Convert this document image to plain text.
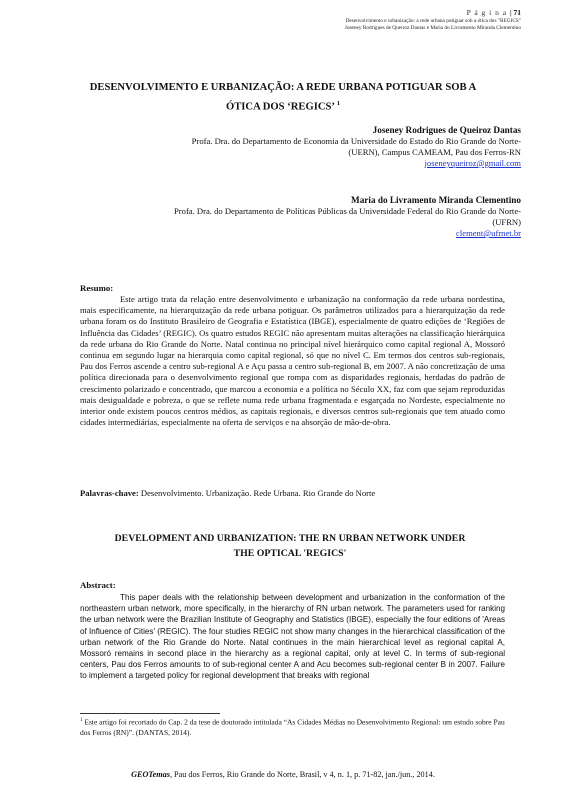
P á g i n a | 71
Desenvolvimento e urbanização: a rede urbana potiguar sob a ótica dos "REGICS"
Joseney Rodrigues de Queiroz Dantas e Maria do Livramento Miranda Clementino
DESENVOLVIMENTO E URBANIZAÇÃO: A REDE URBANA POTIGUAR SOB A
ÓTICA DOS ‘REGICS’ $^1$
Joseney Rodrigues de Queiroz Dantas
Profa. Dra. do Departamento de Economia da Universidade do Estado do Rio Grande do Norte-
(UERN), Campus CAMEAM, Pau dos Ferros-RN
joseneyqueiroz@gmail.com
Maria do Livramento Miranda Clementino
Profa. Dra. do Departamento de Políticas Públicas da Universidade Federal do Rio Grande do Norte-
(UFRN)
clement@ufrnet.br
Resumo:
Este artigo trata da relação entre desenvolvimento e urbanização na conformação da rede urbana nordestina, mais especificamente, na hierarquização da rede urbana potiguar. Os parâmetros utilizados para a hierarquização da rede urbana foram os do Instituto Brasileiro de Geografia e Estatística (IBGE), especialmente de quatro edições de ‘Regiões de Influência das Cidades’ (REGIC). Os quatro estudos REGIC não apresentam muitas alterações na classificação hierárquica da rede urbana do Rio Grande do Norte. Natal continua no principal nível hierárquico como capital regional A, Mossoró continua em segundo lugar na hierarquia como capital regional, só que no nível C. Em termos dos centros sub-regionais, Pau dos Ferros ascende a centro sub-regional A e Açu passa a centro sub-regional B, em 2007. A não concretização de uma política direcionada para o desenvolvimento regional que rompa com as disparidades regionais, herdadas do padrão de crescimento polarizado e concentrado, que marcou a economia e a política no Século XX, faz com que sejam reproduzidas mais desigualdade e pobreza, o que se reflete numa rede urbana fragmentada e esgarçada no Nordeste, especialmente no interior onde existem poucos centros médios, as capitais regionais, e diversos centros sub-regionais que tem atuado como cidades intermediárias, especialmente na oferta de serviços e na absorção de mão-de-obra.
Palavras-chave: Desenvolvimento. Urbanização. Rede Urbana. Rio Grande do Norte
DEVELOPMENT AND URBANIZATION: THE RN URBAN NETWORK UNDER
THE OPTICAL 'REGICS'
Abstract:
This paper deals with the relationship between development and urbanization in the conformation of the northeastern urban network, more specifically, in the hierarchy of RN urban network. The parameters used for ranking the urban network were the Brazilian Institute of Geography and Statistics (IBGE), especially the four editions of 'Areas of Influence of Cities' (REGIC). The four studies REGIC not show many changes in the hierarchical classification of the urban network of the Rio Grande do Norte. Natal continues in the main hierarchical level as regional capital A, Mossoró remains in second place in the hierarchy as a regional capital, only at level C. In terms of sub-regional centers, Pau dos Ferros amounts to of sub-regional center A and Acu becomes sub-regional center B in 2007. Failure to implement a targeted policy for regional development that breaks with regional
$^1$ Este artigo foi recortado do Cap. 2 da tese de doutorado intitulada “As Cidades Médias no Desenvolvimento Regional: um estudo sobre Pau dos Ferros (RN)”. (DANTAS, 2014).
GEOTemas, Pau dos Ferros, Rio Grande do Norte, Brasil, v 4, n. 1, p. 71-82, jan./jun., 2014.
